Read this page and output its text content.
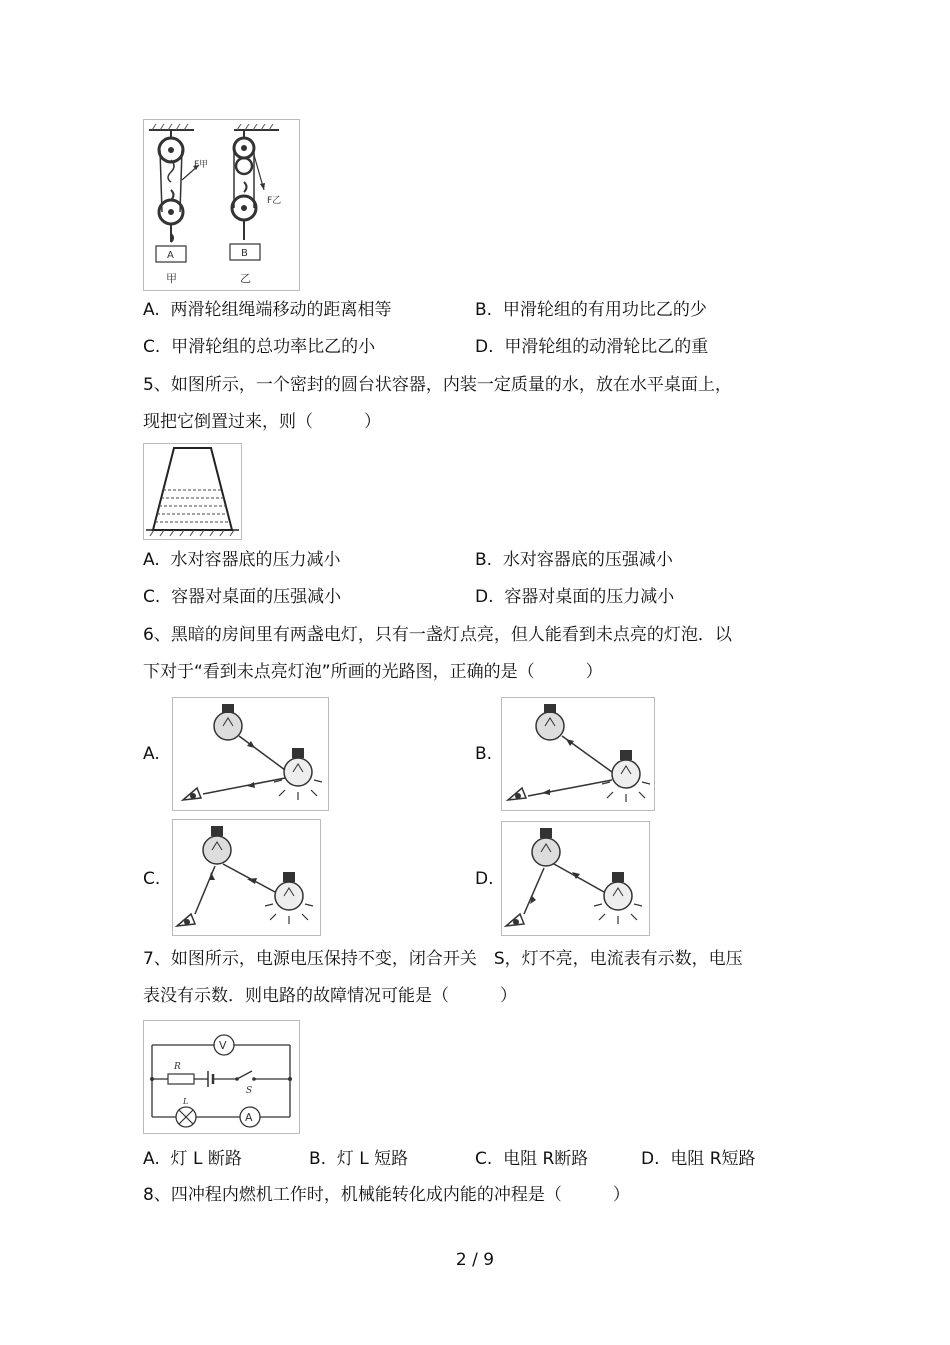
F甲
A
甲
F乙
B
乙
A. 两滑轮组绳端移动的距离相等	B. 甲滑轮组的有用功比乙的少
C. 甲滑轮组的总功率比乙的小	D. 甲滑轮组的动滑轮比乙的重
5、如图所示，一个密封的圆台状容器，内装一定质量的水，放在水平桌面上，
现把它倒置过来，则（　　　）
A. 水对容器底的压力减小	B. 水对容器底的压强减小
C. 容器对桌面的压强减小	D. 容器对桌面的压力减小
6、黑暗的房间里有两盏电灯，只有一盏灯点亮，但人能看到未点亮的灯泡．以
下对于“看到未点亮灯泡”所画的光路图，正确的是（　　　）
A.	B.
C.	D.
7、如图所示，电源电压保持不变，闭合开关　S，灯不亮，电流表有示数，电压
表没有示数．则电路的故障情况可能是（　　　）
V
R
S
L
A
A. 灯 L 断路	B. 灯 L 短路	C. 电阻 R断路	D. 电阻 R短路
8、四冲程内燃机工作时，机械能转化成内能的冲程是（　　　）
2 / 9
